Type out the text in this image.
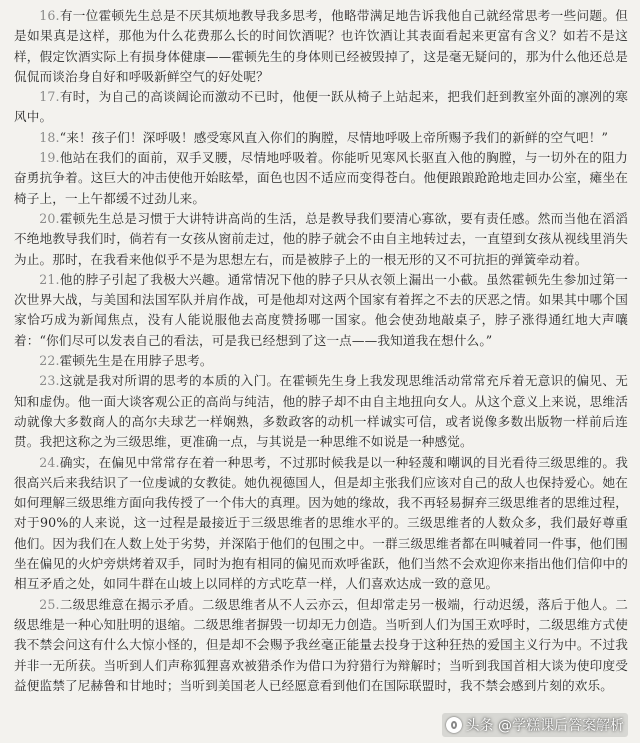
16.有一位霍顿先生总是不厌其烦地教导我多思考，他略带满足地告诉我他自己就经常思考一些问题。但是如果真是这样，那他为什么花费那么长的时间饮酒呢？也许饮酒让其表面看起来更富有含义？如若不是这样，假定饮酒实际上有损身体健康——霍顿先生的身体则已经被毁掉了，这是毫无疑问的，那为什么他还总是侃侃而谈治身自好和呼吸新鲜空气的好处呢？

17.有时，为自己的高谈阔论而激动不已时，他便一跃从椅子上站起来，把我们赶到教室外面的凛冽的寒风中。

18.“来！孩子们！深呼吸！感受寒风直入你们的胸膛，尽情地呼吸上帝所赐予我们的新鲜的空气吧！”

19.他站在我们的面前，双手叉腰，尽情地呼吸着。你能听见寒风长驱直入他的胸膛，与一切外在的阻力奋勇抗争着。这巨大的冲击使他开始眩晕，面色也因不适应而变得苍白。他便踉踉跄跄地走回办公室，瘫坐在椅子上，一上午都缓不过劲儿来。

20.霍顿先生总是习惯于大讲特讲高尚的生活，总是教导我们要清心寡欲，要有责任感。然而当他在滔滔不绝地教导我们时，倘若有一女孩从窗前走过，他的脖子就会不由自主地转过去，一直望到女孩从视线里消失为止。那时，在我看来他似乎不是为思想左右，而是被脖子上的一根无形的又不可抗拒的弹簧牵动着。

21.他的脖子引起了我极大兴趣。通常情况下他的脖子只从衣领上漏出一小截。虽然霍顿先生参加过第一次世界大战，与美国和法国军队并肩作战，可是他却对这两个国家有着挥之不去的厌恶之情。如果其中哪个国家恰巧成为新闻焦点，没有人能说服他去高度赞扬哪一国家。他会使劲地敲桌子，脖子涨得通红地大声嚷着：“你们尽可以发表自己的看法，可是我已经想到了这一点——我知道我在想什么。”

22.霍顿先生是在用脖子思考。

23.这就是我对所谓的思考的本质的入门。在霍顿先生身上我发现思维活动常常充斥着无意识的偏见、无知和虚伪。他一面大谈客观公正的高尚与纯洁，他的脖子却不由自主地扭向女人。从这个意义上来说，思维活动就像大多数商人的高尔夫球艺一样娴熟，多数政客的动机一样诚实可信，或者说像多数出版物一样前后连贯。我把这称之为三级思维，更准确一点，与其说是一种思维不如说是一种感觉。

24.确实，在偏见中常常存在着一种思考，不过那时候我是以一种轻蔑和嘲讽的目光看待三级思维的。我很高兴后来我结识了一位虔诚的女教徒。她仇视德国人，但是却主张我们应该对自己的敌人也保持爱心。她在如何理解三级思维方面向我传授了一个伟大的真理。因为她的缘故，我不再轻易摒弃三级思维者的思维过程，对于90%的人来说，这一过程是最接近于三级思维者的思维水平的。三级思维者的人数众多，我们最好尊重他们。因为我们在人数上处于劣势，并深陷于他们的包围之中。一群三级思维者都在叫喊着同一件事，他们围坐在偏见的火炉旁烘烤着双手，同时为抱有相同的偏见而欢呼雀跃，他们当然不会欢迎你来指出他们信仰中的相互矛盾之处，如同牛群在山坡上以同样的方式吃草一样，人们喜欢达成一致的意见。

25.二级思维意在揭示矛盾。二级思维者从不人云亦云，但却常走另一极端，行动迟缓，落后于他人。二级思维是一种心知肚明的退缩。二级思维者摒毁一切却无力创造。当听到人们为国王欢呼时，二级思维方式使我不禁会问这有什么大惊小怪的，但是却不会赐予我丝毫正能量去投身于这种狂热的爱国主义行为中。不过我并非一无所获。当听到人们声称狐狸喜欢被猎杀作为借口为狩猎行为辩解时；当听到我国首相大谈为使印度受益便监禁了尼赫鲁和甘地时；当听到美国老人已经愿意看到他们在国际联盟时，我不禁会感到片刻的欢乐。

头条 @学糕课后答案解析
